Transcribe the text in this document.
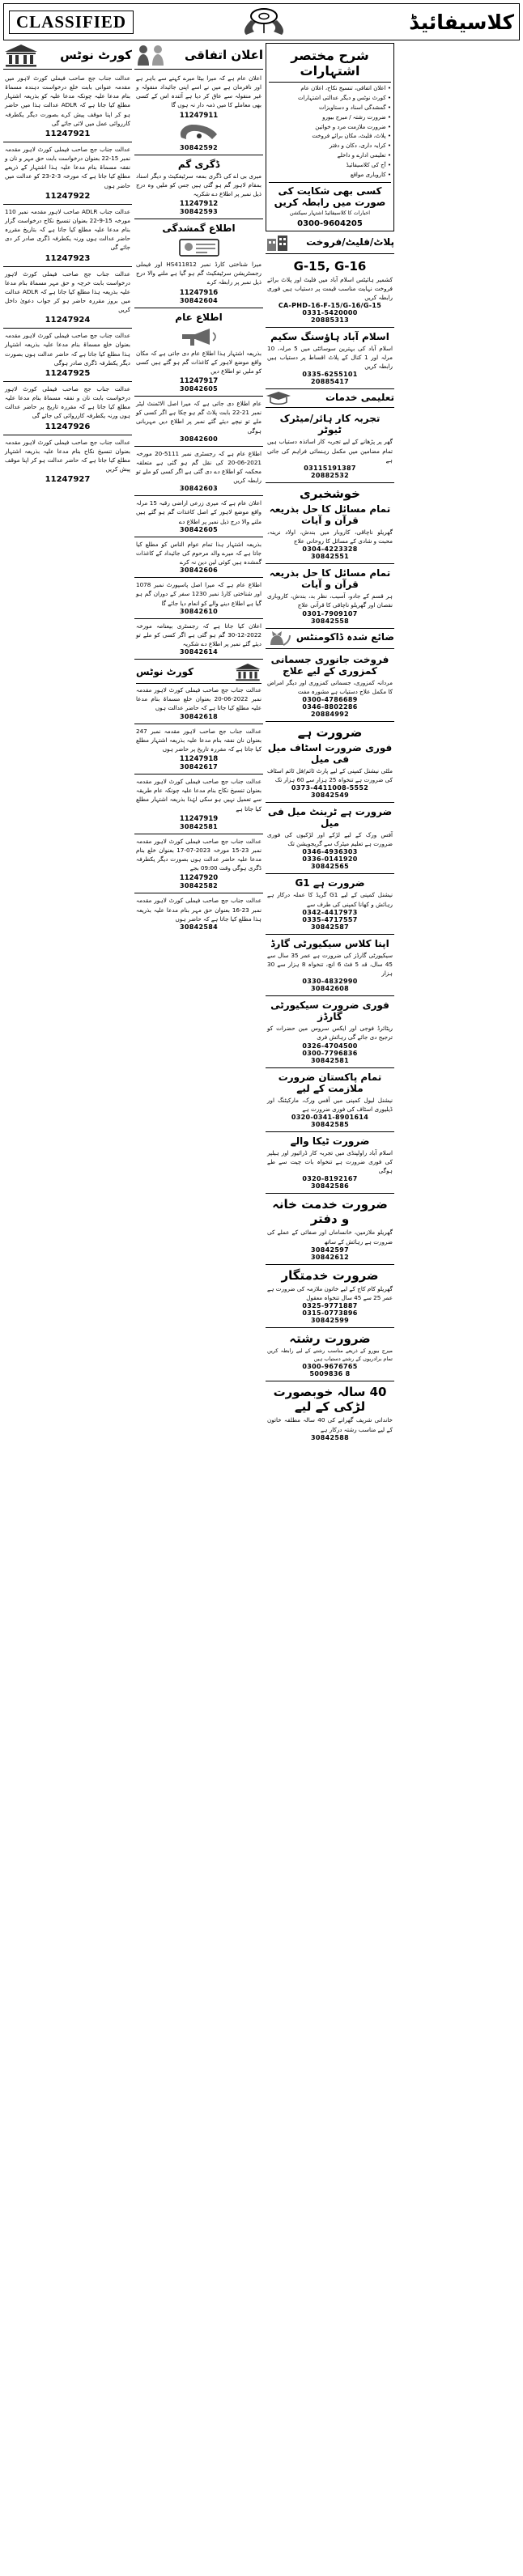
CLASSIFIED	کلاسیفائیڈ
کورٹ نوٹس
عدالت جناب جج صاحب فیملی کورٹ لاہور میں مقدمہ عنوانی بابت خلع درخواست دہندہ مسماۃ بنام مدعا علیہ چونکہ مدعا علیہ کو بذریعہ اشتہار مطلع کیا جاتا ہے کہ ADLR عدالت ہذا میں حاضر ہو کر اپنا موقف پیش کرے بصورت دیگر یکطرفہ کارروائی عمل میں لائی جائے گی
11247921
عدالت جناب جج صاحب فیملی کورٹ لاہور مقدمہ نمبر 15-22 بعنوان درخواست بابت حق مہر و نان و نفقہ مسماۃ بنام مدعا علیہ ہذا اشتہار کے ذریعے مطلع کیا جاتا ہے کہ مورخہ 3-2-23 کو عدالت میں حاضر ہوں
11247922
عدالت جناب ADLR صاحب لاہور مقدمہ نمبر 110 مورخہ 15-9-22 بعنوان تنسیخ نکاح درخواست گزار بنام مدعا علیہ مطلع کیا جاتا ہے کہ بتاریخ مقررہ حاضر عدالت ہوں ورنہ یکطرفہ ڈگری صادر کر دی جائے گی
11247923
عدالت جناب جج صاحب فیملی کورٹ لاہور درخواست بابت خرچہ و حق مہر مسماۃ بنام مدعا علیہ بذریعہ ہذا مطلع کیا جاتا ہے کہ ADLR عدالت میں بروز مقررہ حاضر ہو کر جواب دعویٰ داخل کریں
11247924
عدالت جناب جج صاحب فیملی کورٹ لاہور مقدمہ بعنوان خلع مسماۃ بنام مدعا علیہ بذریعہ اشتہار ہذا مطلع کیا جاتا ہے کہ حاضر عدالت ہوں بصورت دیگر یکطرفہ ڈگری صادر ہوگی
11247925
عدالت جناب جج صاحب فیملی کورٹ لاہور درخواست بابت نان و نفقہ مسماۃ بنام مدعا علیہ مطلع کیا جاتا ہے کہ مقررہ تاریخ پر حاضر عدالت ہوں ورنہ یکطرفہ کارروائی کی جائے گی
11247926
عدالت جناب جج صاحب فیملی کورٹ لاہور مقدمہ بعنوان تنسیخ نکاح بنام مدعا علیہ بذریعہ اشتہار مطلع کیا جاتا ہے کہ حاضر عدالت ہو کر اپنا موقف پیش کریں
11247927
اعلان اتفاقی
اعلان عام ہے کہ میرا بیٹا میرے کہنے سے باہر ہے اور نافرمان ہے میں نے اسے اپنی جائیداد منقولہ و غیر منقولہ سے عاق کر دیا ہے آئندہ اس کے کسی بھی معاملے کا میں ذمہ دار نہ ہوں گا
11247911
30842592
ڈگری گم
میری بی اے کی ڈگری بمعہ سرٹیفکیٹ و دیگر اسناد بمقام لاہور گم ہو گئی ہیں جس کو ملیں وہ درج ذیل نمبر پر اطلاع دے شکریہ
11247912
30842593
اطلاع گمشدگی
میرا شناختی کارڈ نمبر HS411812 اور فیملی رجسٹریشن سرٹیفکیٹ گم ہو گیا ہے ملنے والا درج ذیل نمبر پر رابطہ کرے
11247916
30842604
اطلاع عام
بذریعہ اشتہار ہذا اطلاع عام دی جاتی ہے کہ مکان واقع موضع لاہور کے کاغذات گم ہو گئے ہیں کسی کو ملیں تو اطلاع دیں
11247917
30842605
عام اطلاع دی جاتی ہے کہ میرا اصل الاٹمنٹ لیٹر نمبر 21-22 بابت پلاٹ گم ہو چکا ہے اگر کسی کو ملے تو نیچے دیئے گئے نمبر پر اطلاع دیں مہربانی ہوگی
30842600
اطلاع عام ہے کہ رجسٹری نمبر 5111-20 مورخہ 2021-06-20 کی نقل گم ہو گئی ہے متعلقہ محکمہ کو اطلاع دے دی گئی ہے اگر کسی کو ملے تو رابطہ کریں
30842603
اعلان عام ہے کہ میری زرعی اراضی رقبہ 15 مرلہ واقع موضع لاہور کے اصل کاغذات گم ہو گئے ہیں ملنے والا درج ذیل نمبر پر اطلاع دے
30842605
بذریعہ اشتہار ہذا تمام عوام الناس کو مطلع کیا جاتا ہے کہ میرے والد مرحوم کی جائیداد کے کاغذات گمشدہ ہیں کوئی لین دین نہ کرے
30842606
اطلاع عام ہے کہ میرا اصل پاسپورٹ نمبر 1078 اور شناختی کارڈ نمبر 1230 سفر کے دوران گم ہو گیا ہے اطلاع دینے والے کو انعام دیا جائے گا
30842610
اعلان کیا جاتا ہے کہ رجسٹری بیعنامہ مورخہ 2022-12-30 گم ہو گئی ہے اگر کسی کو ملے تو دیئے گئے نمبر پر اطلاع دے شکریہ
30842614
کورٹ نوٹس
عدالت جناب جج صاحب فیملی کورٹ لاہور مقدمہ نمبر 2022-06-20 بعنوان خلع مسماۃ بنام مدعا علیہ مطلع کیا جاتا ہے کہ حاضر عدالت ہوں
30842618
عدالت جناب جج صاحب لاہور مقدمہ نمبر 247 بعنوان نان نفقہ بنام مدعا علیہ بذریعہ اشتہار مطلع کیا جاتا ہے کہ مقررہ تاریخ پر حاضر ہوں
11247918
30842617
عدالت جناب جج صاحب فیملی کورٹ لاہور مقدمہ بعنوان تنسیخ نکاح بنام مدعا علیہ چونکہ عام طریقہ سے تعمیل نہیں ہو سکی لہٰذا بذریعہ اشتہار مطلع کیا جاتا ہے
11247919
30842581
عدالت جناب جج صاحب فیملی کورٹ لاہور مقدمہ نمبر 23-15 مورخہ 2023-07-17 بعنوان خلع بنام مدعا علیہ حاضر عدالت ہوں بصورت دیگر یکطرفہ ڈگری ہوگی وقت 09:00 بجے
11247920
30842582
عدالت جناب جج صاحب فیملی کورٹ لاہور مقدمہ نمبر 23-16 بعنوان حق مہر بنام مدعا علیہ بذریعہ ہذا مطلع کیا جاتا ہے کہ حاضر ہوں
30842584
شرح مختصر اشتہارات
• اعلان اتفاقی، تنسیخ نکاح، اعلان عام
• کورٹ نوٹس و دیگر عدالتی اشتہارات
• گمشدگی اسناد و دستاویزات
• ضرورت رشتہ / میرج بیورو
• ضرورت ملازمت مرد و خواتین
• پلاٹ، فلیٹ، مکان برائے فروخت
• کرایہ داری، دکان و دفتر
• تعلیمی ادارے و داخلے
• آج کی کلاسیفائیڈ
• کاروباری مواقع
کسی بھی شکایت کی صورت میں رابطہ کریں
اخبارات کا کلاسیفائیڈ اشتہار سیکشن
0300-9604205
پلاٹ/فلیٹ/فروخت
G-15, G-16
کشمیر ہائیٹس اسلام آباد میں فلیٹ اور پلاٹ برائے فروخت نہایت مناسب قیمت پر دستیاب ہیں فوری رابطہ کریں
CA-PHD-16-F-15/G-16/G-15
0331-5420000
20885313
اسلام آباد ہاؤسنگ سکیم
اسلام آباد کی بہترین سوسائٹی میں 5 مرلہ، 10 مرلہ اور 1 کنال کے پلاٹ اقساط پر دستیاب ہیں رابطہ کریں
0335-6255101
20885417
تعلیمی خدمات
تجربہ کار ہائر/میٹرک ٹیوٹر
گھر پر پڑھانے کے لیے تجربہ کار اساتذہ دستیاب ہیں تمام مضامین میں مکمل رہنمائی فراہم کی جاتی ہے
03115191387
20882532
خوشخبری
تمام مسائل کا حل بذریعہ قرآن و آیات
گھریلو ناچاقی، کاروبار میں بندش، اولاد نرینہ، محبت و شادی کے مسائل کا روحانی علاج
0304-4223328
30842551
تمام مسائل کا حل بذریعہ قرآن و آیات
ہر قسم کے جادو، آسیب، نظر بد، بندش، کاروباری نقصان اور گھریلو ناچاقی کا قرآنی علاج
0301-7909107
30842558
ضائع شدہ ڈاکومنٹس
فروخت جانوری جسمانی کمزوری کے لیے علاج
مردانہ کمزوری، جسمانی کمزوری اور دیگر امراض کا مکمل علاج دستیاب ہے مشورہ مفت
0300-4786689
0346-8802286
20884992
ضرورت ہے
فوری ضرورت اسٹاف میل فی میل
ملٹی نیشنل کمپنی کے لیے پارٹ ٹائم/فل ٹائم اسٹاف کی ضرورت ہے تنخواہ 25 ہزار سے 60 ہزار تک
0373-4411008-5552
30842549
ضرورت ہے ٹرینٹ میل فی میل
آفس ورک کے لیے لڑکے اور لڑکیوں کی فوری ضرورت ہے تعلیم میٹرک سے گریجویشن تک
0346-4936303
0336-0141920
30842565
ضرورت ہے G1
نیشنل کمپنی کے لیے G1 گریڈ کا عملہ درکار ہے رہائش و کھانا کمپنی کی طرف سے
0342-4417973
0335-4717557
30842587
اپنا کلاس سیکیورٹی گارڈ
سیکیورٹی گارڈز کی ضرورت ہے عمر 35 سال سے 45 سال، قد 5 فٹ 6 انچ، تنخواہ 8 ہزار سے 30 ہزار
0330-4832990
30842608
فوری ضرورت سیکیورٹی گارڈز
ریٹائرڈ فوجی اور ایکس سروس مین حضرات کو ترجیح دی جائے گی رہائش فری
0326-4704500
0300-7796836
30842581
تمام پاکستان ضرورت ملازمت کے لیے
نیشنل لیول کمپنی میں آفس ورک، مارکیٹنگ اور ڈیلیوری اسٹاف کی فوری ضرورت ہے
0320-0341-8901614
30842585
ضرورت ٹیکا والے
اسلام آباد راولپنڈی میں تجربہ کار ڈرائیور اور ہیلپر کی فوری ضرورت ہے تنخواہ بات چیت سے طے ہوگی
0320-8192167
30842586
ضرورت خدمت خانہ و دفتر
گھریلو ملازمین، خانساماں اور صفائی کے عملے کی ضرورت ہے رہائش کے ساتھ
30842597
30842612
ضرورت خدمتگار
گھریلو کام کاج کے لیے خاتون ملازمہ کی ضرورت ہے عمر 25 سے 45 سال تنخواہ معقول
0325-9771887
0315-0773896
30842599
ضرورت رشتہ
میرج بیورو کے ذریعے مناسب رشتے کے لیے رابطہ کریں تمام برادریوں کے رشتے دستیاب ہیں
0300-9676765
5009836 8
40 سالہ خوبصورت لڑکی کے لیے
خاندانی شریف گھرانے کی 40 سالہ مطلقہ خاتون کے لیے مناسب رشتہ درکار ہے
30842588
